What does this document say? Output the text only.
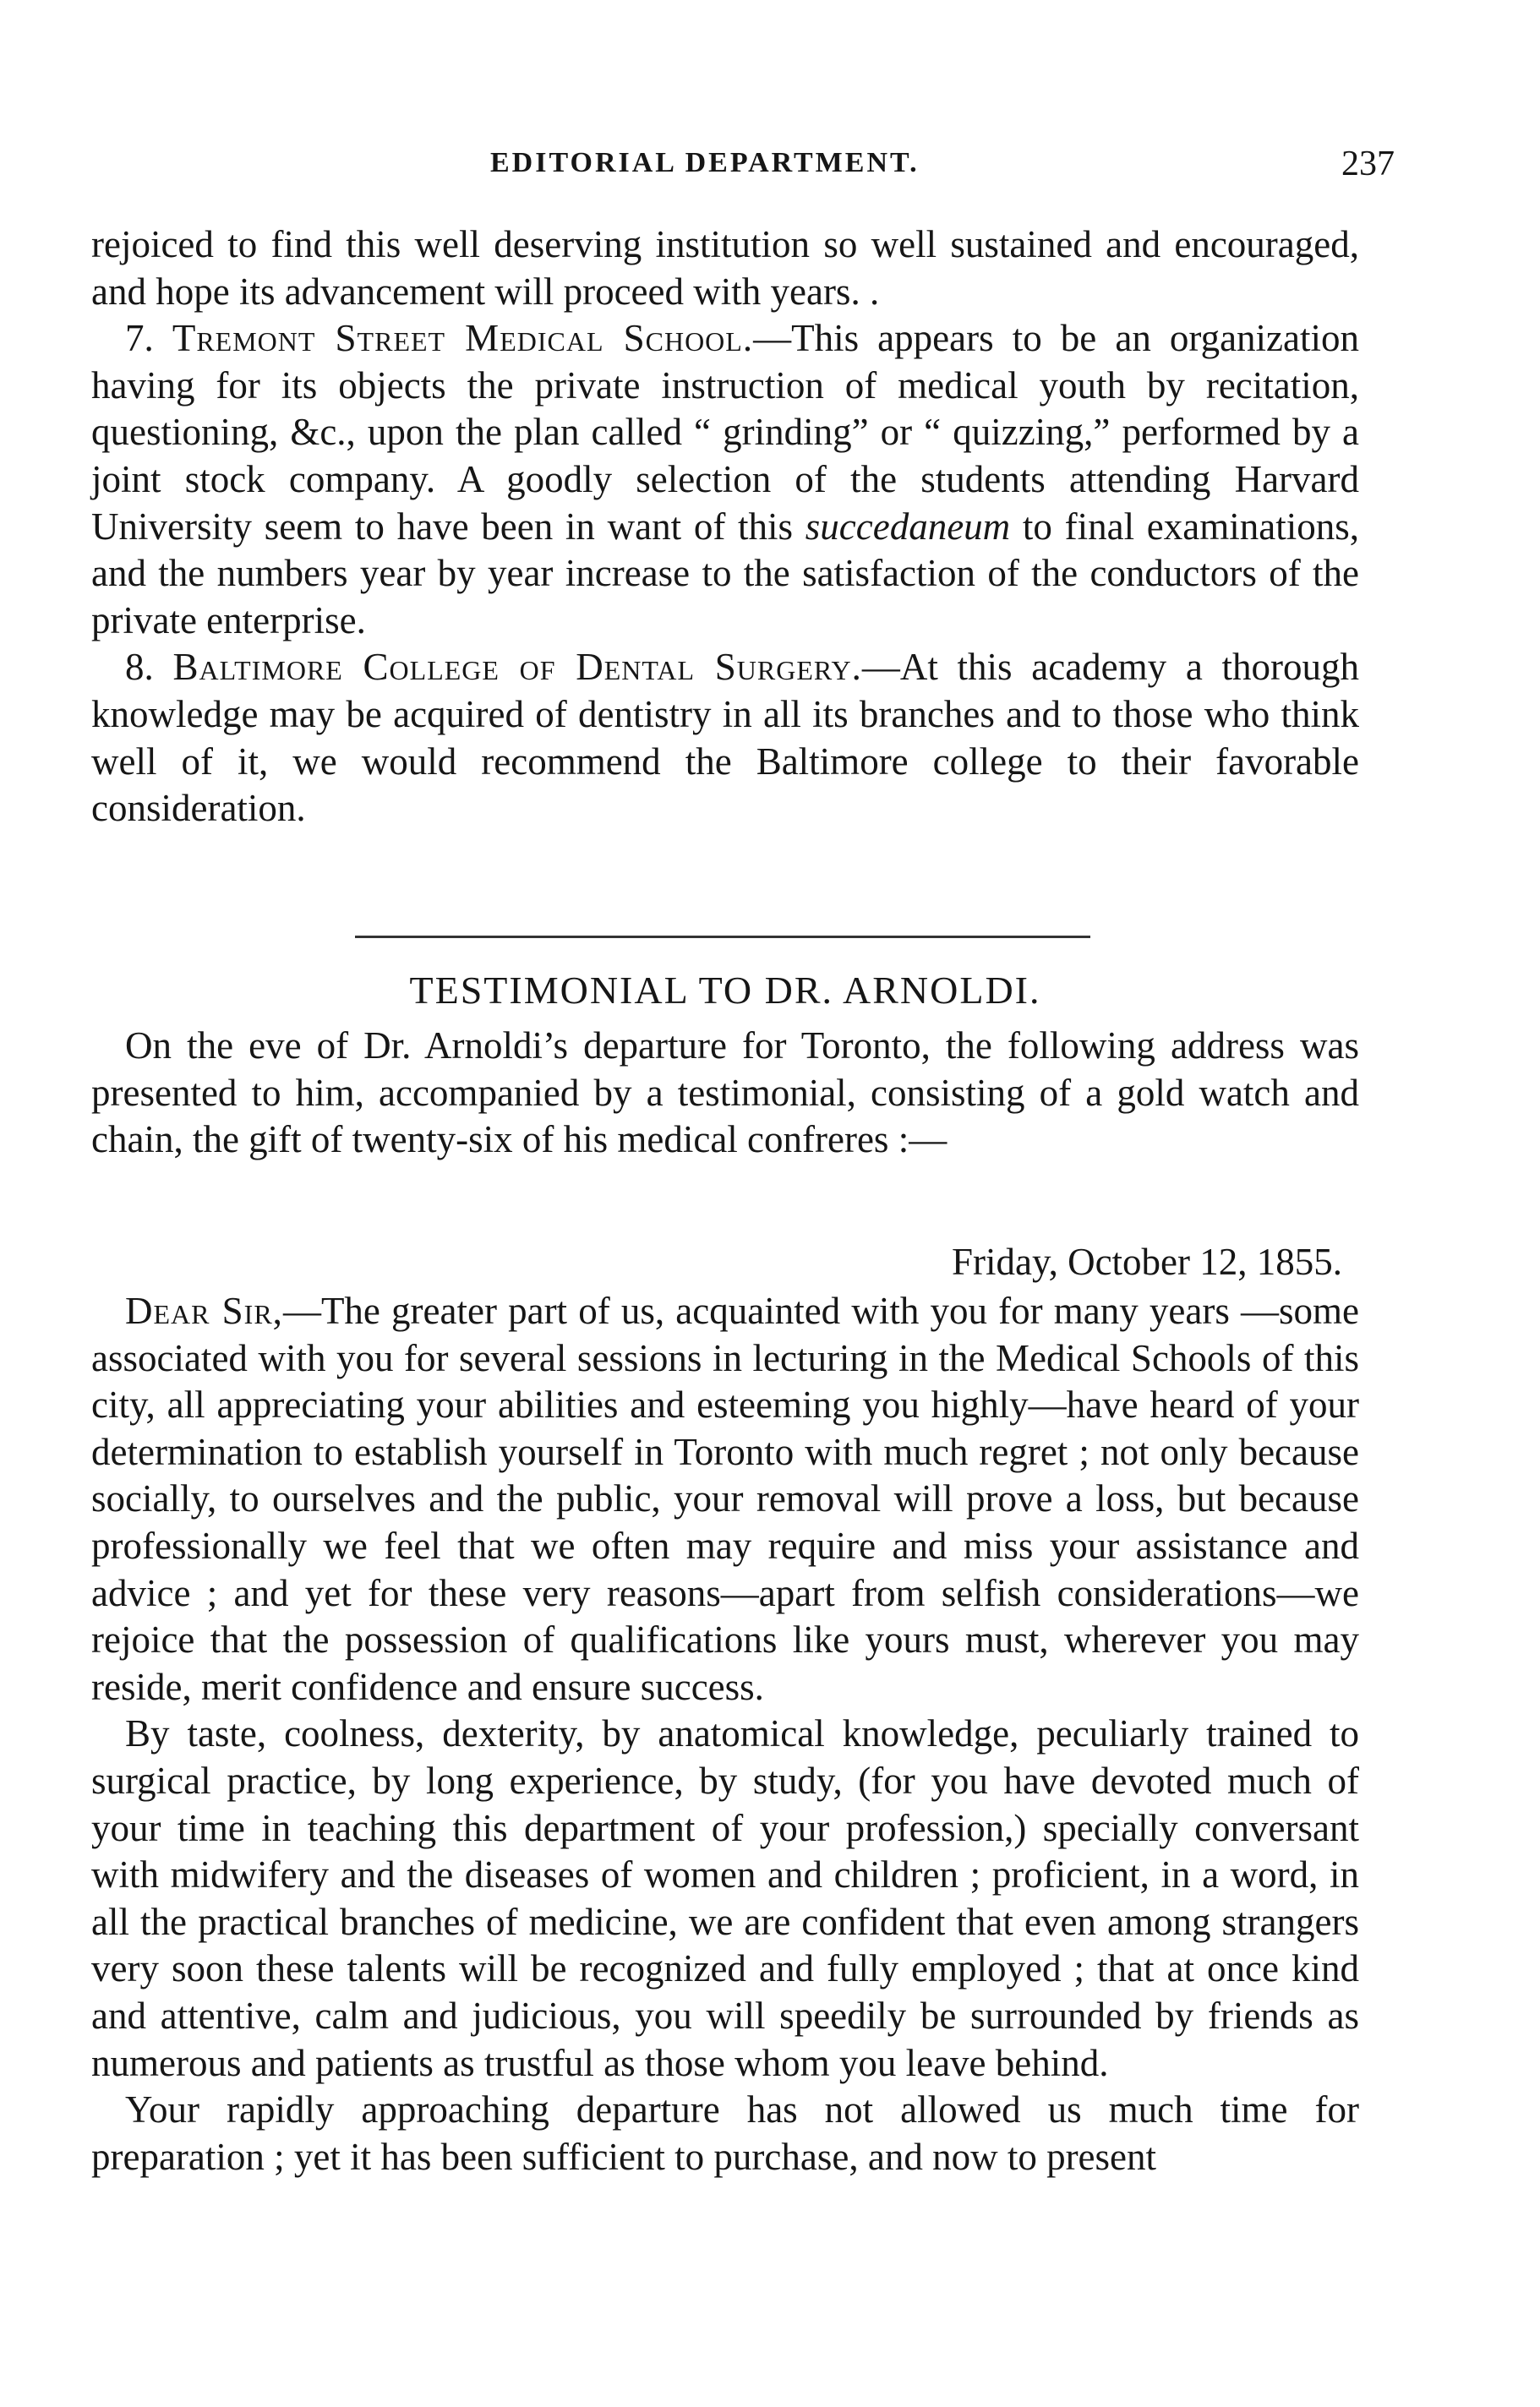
EDITORIAL DEPARTMENT.	237

rejoiced to find this well deserving institution so well sustained and encouraged, and hope its advancement will proceed with years. .

7. Tremont Street Medical School.—This appears to be an organization having for its objects the private instruction of medical youth by recitation, questioning, &c., upon the plan called “ grinding” or “ quizzing,” performed by a joint stock company. A goodly selection of the students attending Harvard University seem to have been in want of this succedaneum to final examinations, and the numbers year by year increase to the satisfaction of the conductors of the private enterprise.

8. Baltimore College of Dental Surgery.—At this academy a thorough knowledge may be acquired of dentistry in all its branches and to those who think well of it, we would recommend the Baltimore college to their favorable consideration.

TESTIMONIAL TO DR. ARNOLDI.

On the eve of Dr. Arnoldi’s departure for Toronto, the following address was presented to him, accompanied by a testimonial, consisting of a gold watch and chain, the gift of twenty-six of his medical confreres :—

Friday, October 12, 1855.

Dear Sir,—The greater part of us, acquainted with you for many years —some associated with you for several sessions in lecturing in the Medical Schools of this city, all appreciating your abilities and esteeming you highly—have heard of your determination to establish yourself in Toronto with much regret ; not only because socially, to ourselves and the public, your removal will prove a loss, but because professionally we feel that we often may require and miss your assistance and advice ; and yet for these very reasons—apart from selfish considerations—we rejoice that the possession of qualifications like yours must, wherever you may reside, merit confidence and ensure success.

By taste, coolness, dexterity, by anatomical knowledge, peculiarly trained to surgical practice, by long experience, by study, (for you have devoted much of your time in teaching this department of your profession,) specially conversant with midwifery and the diseases of women and children ; proficient, in a word, in all the practical branches of medicine, we are confident that even among strangers very soon these talents will be recognized and fully employed ; that at once kind and attentive, calm and judicious, you will speedily be surrounded by friends as numerous and patients as trustful as those whom you leave behind.

Your rapidly approaching departure has not allowed us much time for preparation ; yet it has been sufficient to purchase, and now to present
